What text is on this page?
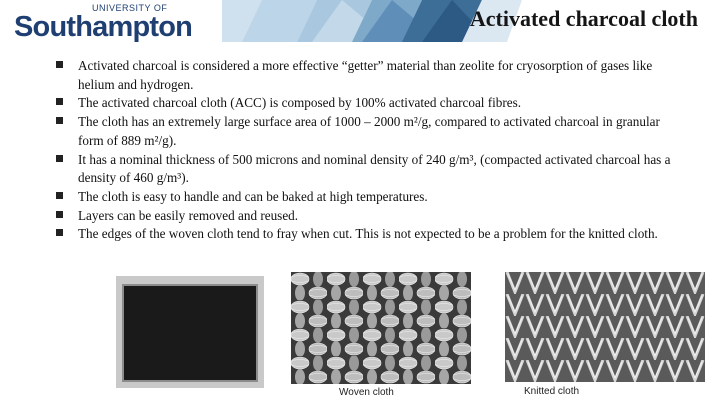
UNIVERSITY OF
Southampton	Activated charcoal cloth
Activated charcoal is considered a more effective “getter” material than zeolite for cryosorption of gases like helium and hydrogen.
The activated charcoal cloth (ACC) is composed by 100% activated charcoal fibres.
The cloth has an extremely large surface area of 1000 – 2000 m²/g, compared to activated charcoal in granular form of 889 m²/g).
It has a nominal thickness of 500 microns and nominal density of 240 g/m³, (compacted activated charcoal has a density of 460 g/m³).
The cloth is easy to handle and can be baked at high temperatures.
Layers can be easily removed and reused.
The edges of the woven cloth tend to fray when cut. This is not expected to be a problem for the knitted cloth.
Woven cloth	Knitted cloth
